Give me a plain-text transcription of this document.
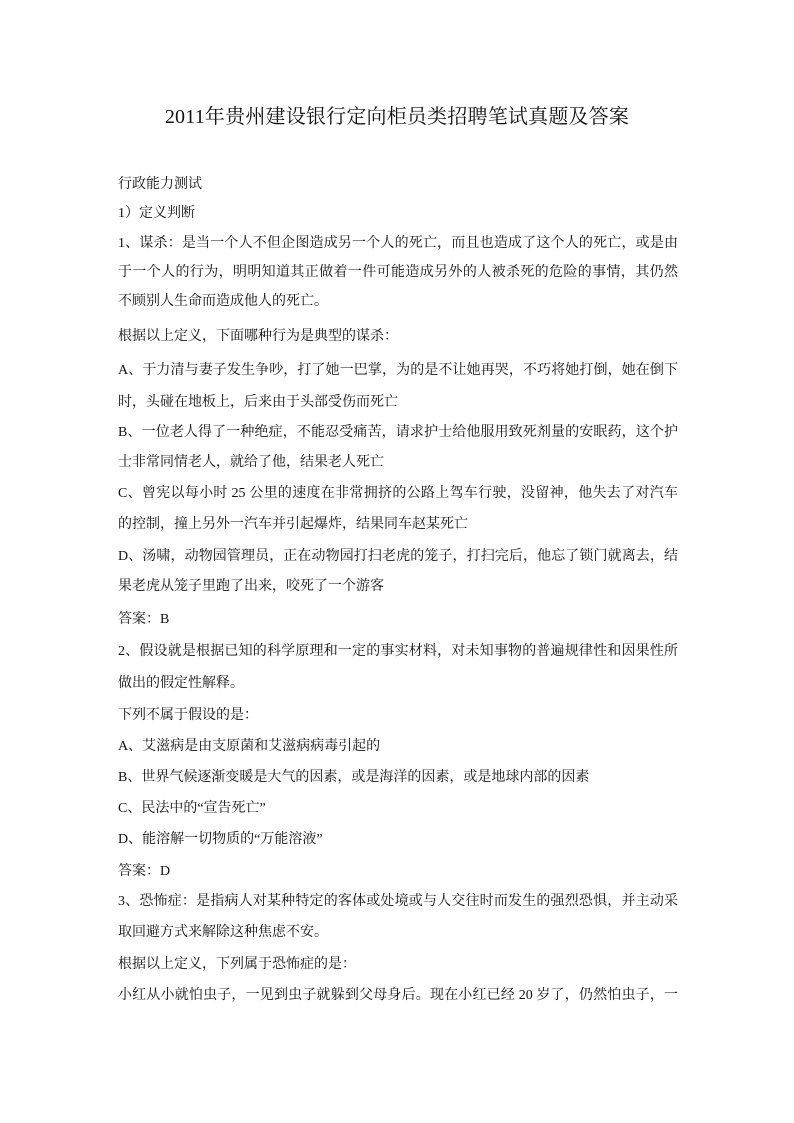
2011年贵州建设银行定向柜员类招聘笔试真题及答案
行政能力测试
1）定义判断
1、谋杀：是当一个人不但企图造成另一个人的死亡，而且也造成了这个人的死亡，或是由
于一个人的行为，明明知道其正做着一件可能造成另外的人被杀死的危险的事情，其仍然
不顾别人生命而造成他人的死亡。
根据以上定义，下面哪种行为是典型的谋杀：
A、于力清与妻子发生争吵，打了她一巴掌，为的是不让她再哭，不巧将她打倒，她在倒下
时，头碰在地板上，后来由于头部受伤而死亡
B、一位老人得了一种绝症，不能忍受痛苦，请求护士给他服用致死剂量的安眠药，这个护
士非常同情老人，就给了他，结果老人死亡
C、曾宪以每小时 25 公里的速度在非常拥挤的公路上驾车行驶，没留神，他失去了对汽车
的控制，撞上另外一汽车并引起爆炸，结果同车赵某死亡
D、汤啸，动物园管理员，正在动物园打扫老虎的笼子，打扫完后，他忘了锁门就离去，结
果老虎从笼子里跑了出来，咬死了一个游客
答案：B
2、假设就是根据已知的科学原理和一定的事实材料，对未知事物的普遍规律性和因果性所
做出的假定性解释。
下列不属于假设的是：
A、艾滋病是由支原菌和艾滋病病毒引起的
B、世界气候逐渐变暖是大气的因素，或是海洋的因素，或是地球内部的因素
C、民法中的“宣告死亡”
D、能溶解一切物质的“万能溶液”
答案：D
3、恐怖症：是指病人对某种特定的客体或处境或与人交往时而发生的强烈恐惧，并主动采
取回避方式来解除这种焦虑不安。
根据以上定义，下列属于恐怖症的是：
小红从小就怕虫子，一见到虫子就躲到父母身后。现在小红已经 20 岁了，仍然怕虫子，一
